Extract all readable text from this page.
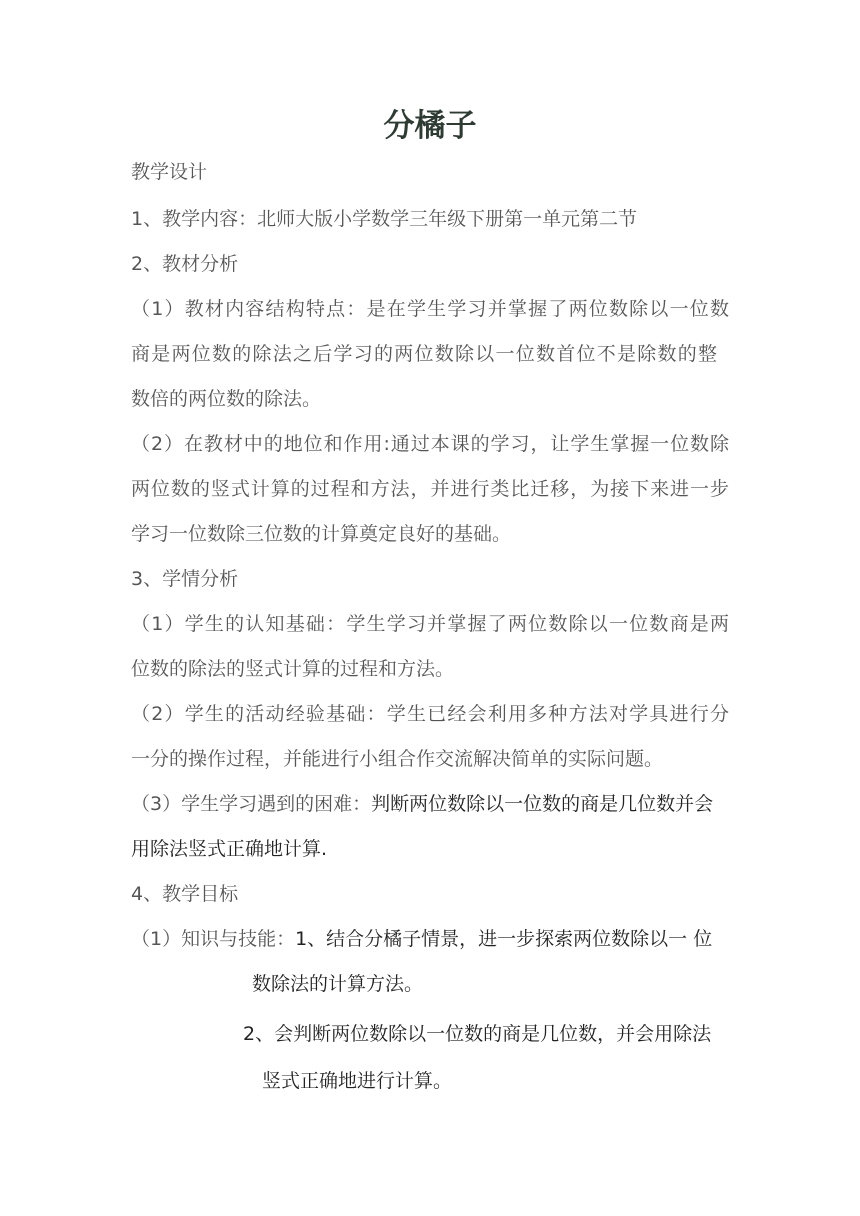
分橘子
教学设计
1、教学内容：北师大版小学数学三年级下册第一单元第二节
2、教材分析
（1）教材内容结构特点：是在学生学习并掌握了两位数除以一位数
商是两位数的除法之后学习的两位数除以一位数首位不是除数的整
数倍的两位数的除法。
（2）在教材中的地位和作用:通过本课的学习，让学生掌握一位数除
两位数的竖式计算的过程和方法，并进行类比迁移，为接下来进一步
学习一位数除三位数的计算奠定良好的基础。
3、学情分析
（1）学生的认知基础：学生学习并掌握了两位数除以一位数商是两
位数的除法的竖式计算的过程和方法。
（2）学生的活动经验基础：学生已经会利用多种方法对学具进行分
一分的操作过程，并能进行小组合作交流解决简单的实际问题。
（3）学生学习遇到的困难：判断两位数除以一位数的商是几位数并会
用除法竖式正确地计算.
4、教学目标
（1）知识与技能：1、结合分橘子情景，进一步探索两位数除以一 位
数除法的计算方法。
2、会判断两位数除以一位数的商是几位数，并会用除法
竖式正确地进行计算。
